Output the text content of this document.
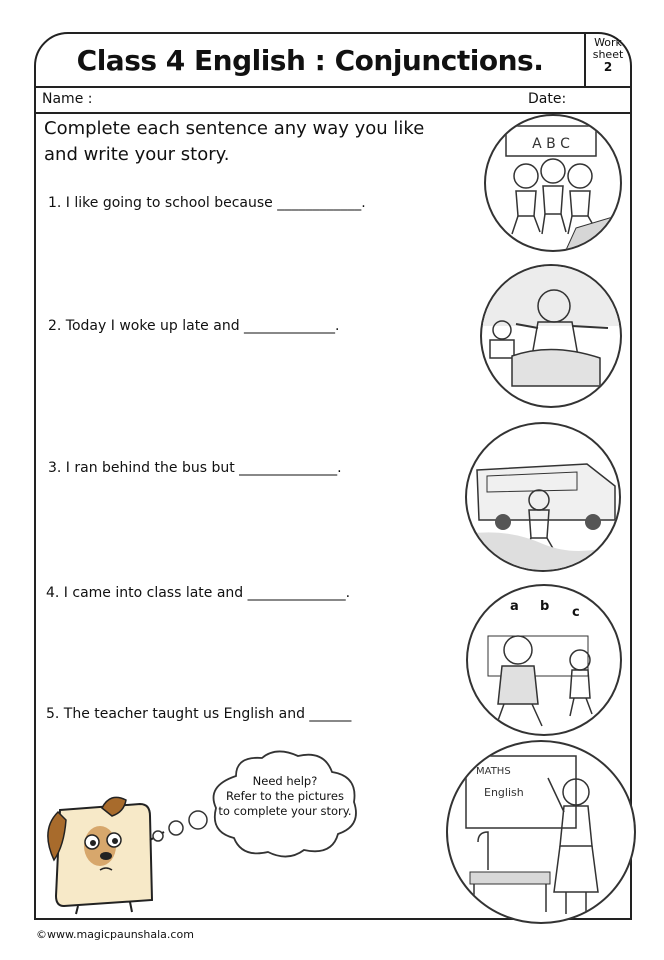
Class 4 English : Conjunctions.
Work
sheet
2
Name :	Date:
Complete each sentence any way you like
and write your story.
1. I like going to school because ____________.
2. Today I woke up late and _____________.
3. I ran behind the bus but ______________.
4. I came into class late and ______________.
5. The teacher taught us English and ______
A B C
a b c
MATHS
English
Need help?
Refer to the pictures
to complete your story.
©www.magicpaunshala.com
